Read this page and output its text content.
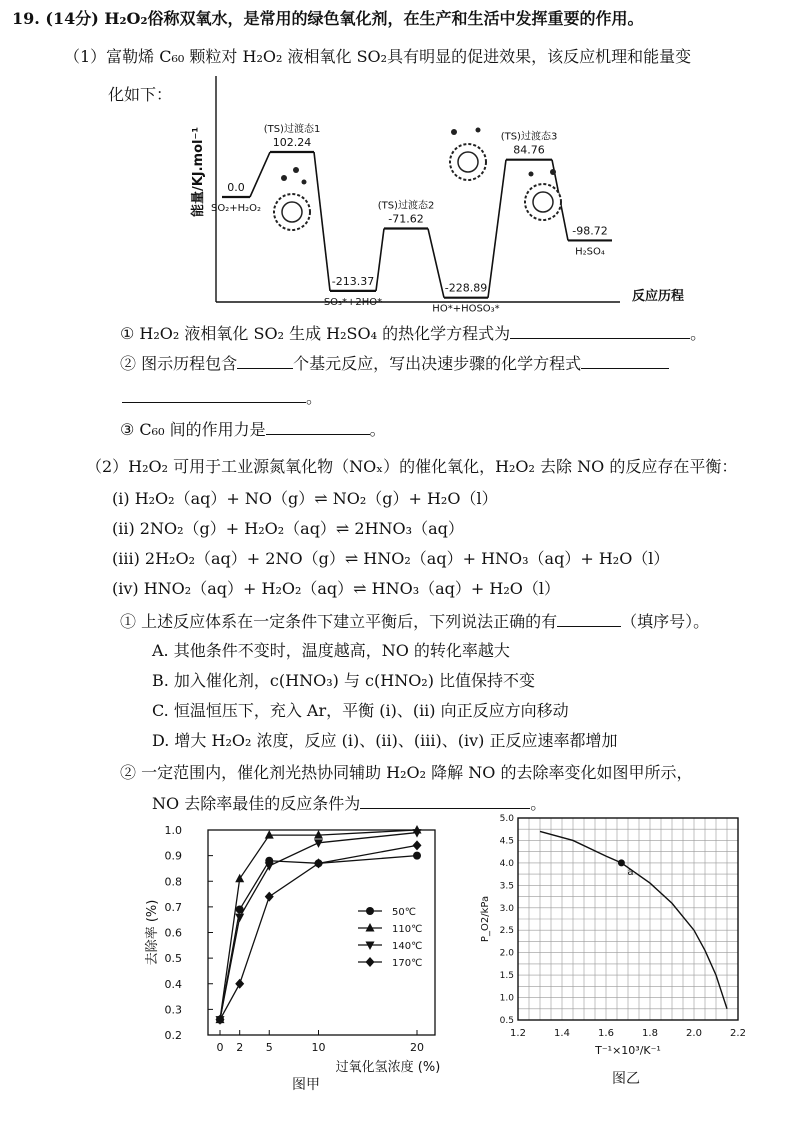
19. (14分) H₂O₂俗称双氧水，是常用的绿色氧化剂，在生产和生活中发挥重要的作用。
（1）富勒烯 C₆₀ 颗粒对 H₂O₂ 液相氧化 SO₂具有明显的促进效果，该反应机理和能量变
化如下：
能量/KJ.mol⁻¹
反应历程
0.0
SO₂+H₂O₂
102.24
(TS)过渡态1
-213.37
SO₃*+2HO*
-71.62
(TS)过渡态2
-228.89
HO*+HOSO₃*
84.76
(TS)过渡态3
-98.72
H₂SO₄
① H₂O₂ 液相氧化 SO₂ 生成 H₂SO₄ 的热化学方程式为	。
② 图示历程包含	个基元反应，写出决速步骤的化学方程式
。
③ C₆₀ 间的作用力是	。
（2）H₂O₂ 可用于工业源氮氧化物（NOₓ）的催化氧化，H₂O₂ 去除 NO 的反应存在平衡：
(i) H₂O₂（aq）+ NO（g）⇌ NO₂（g）+ H₂O（l）
(ii) 2NO₂（g）+ H₂O₂（aq）⇌ 2HNO₃（aq）
(iii) 2H₂O₂（aq）+ 2NO（g）⇌ HNO₂（aq）+ HNO₃（aq）+ H₂O（l）
(iv) HNO₂（aq）+ H₂O₂（aq）⇌ HNO₃（aq）+ H₂O（l）
① 上述反应体系在一定条件下建立平衡后，下列说法正确的有	（填序号）。
A. 其他条件不变时，温度越高，NO 的转化率越大
B. 加入催化剂，c(HNO₃) 与 c(HNO₂) 比值保持不变
C. 恒温恒压下，充入 Ar，平衡 (i)、(ii) 向正反应方向移动
D. 增大 H₂O₂ 浓度，反应 (i)、(ii)、(iii)、(iv) 正反应速率都增加
② 一定范围内，催化剂光热协同辅助 H₂O₂ 降解 NO 的去除率变化如图甲所示，
NO 去除率最佳的反应条件为	。
1.0
0.9
0.8
0.7
0.6
0.5
0.4
0.3
0.2
0 2 5	10	20
去除率 (%)
过氧化氢浓度 (%)
50℃
110℃
140℃
170℃
图甲
5.0
4.5
4.0
3.5
3.0
2.5
2.0
1.5
1.0
0.5
1.2	1.4	1.6	1.8	2.0	2.2
P_O2/kPa
T⁻¹×10³/K⁻¹
a
图乙
